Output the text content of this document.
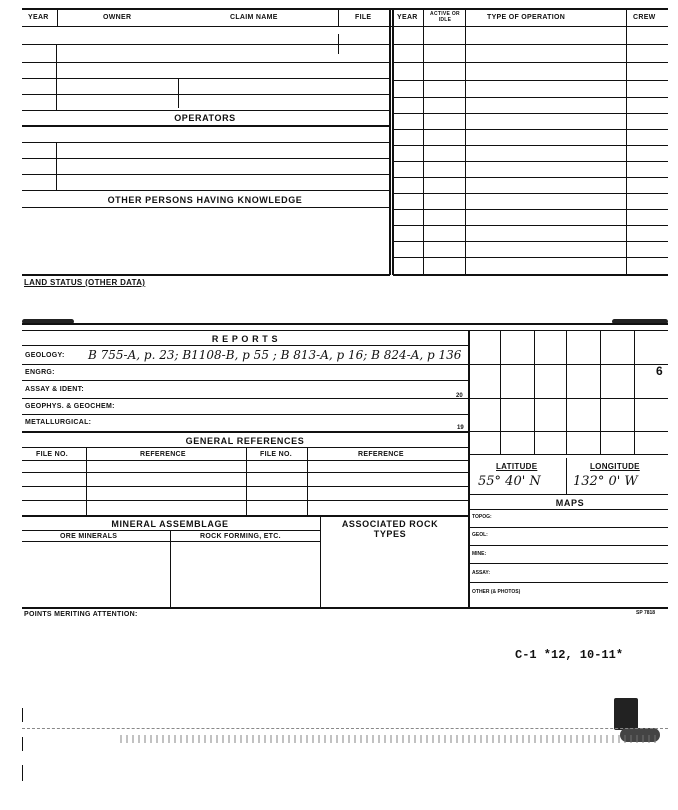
YEAR	OWNER	CLAIM NAME	FILE	YEAR	ACTIVE OR IDLE	TYPE OF OPERATION	CREW
OPERATORS
OTHER PERSONS HAVING KNOWLEDGE
LAND STATUS (OTHER DATA)
R E P O R T S
GEOLOGY: B 755-A, p. 23; B1108-B, p 55 ; B 813-A, p 16; B 824-A, p 136
ENGRG:
ASSAY & IDENT:
20
GEOPHYS. & GEOCHEM:
METALLURGICAL:
19
GENERAL REFERENCES
FILE NO.	REFERENCE	FILE NO.	REFERENCE
MINERAL ASSEMBLAGE	ASSOCIATED ROCK TYPES
ORE MINERALS	ROCK FORMING, ETC.
6
LATITUDE	LONGITUDE
55° 40' N 132° 0' W
MAPS
TOPOG:
GEOL:
MINE:
ASSAY:
OTHER (& PHOTOS)
POINTS MERITING ATTENTION:	SP 7818
C-1 *12, 10-11*
